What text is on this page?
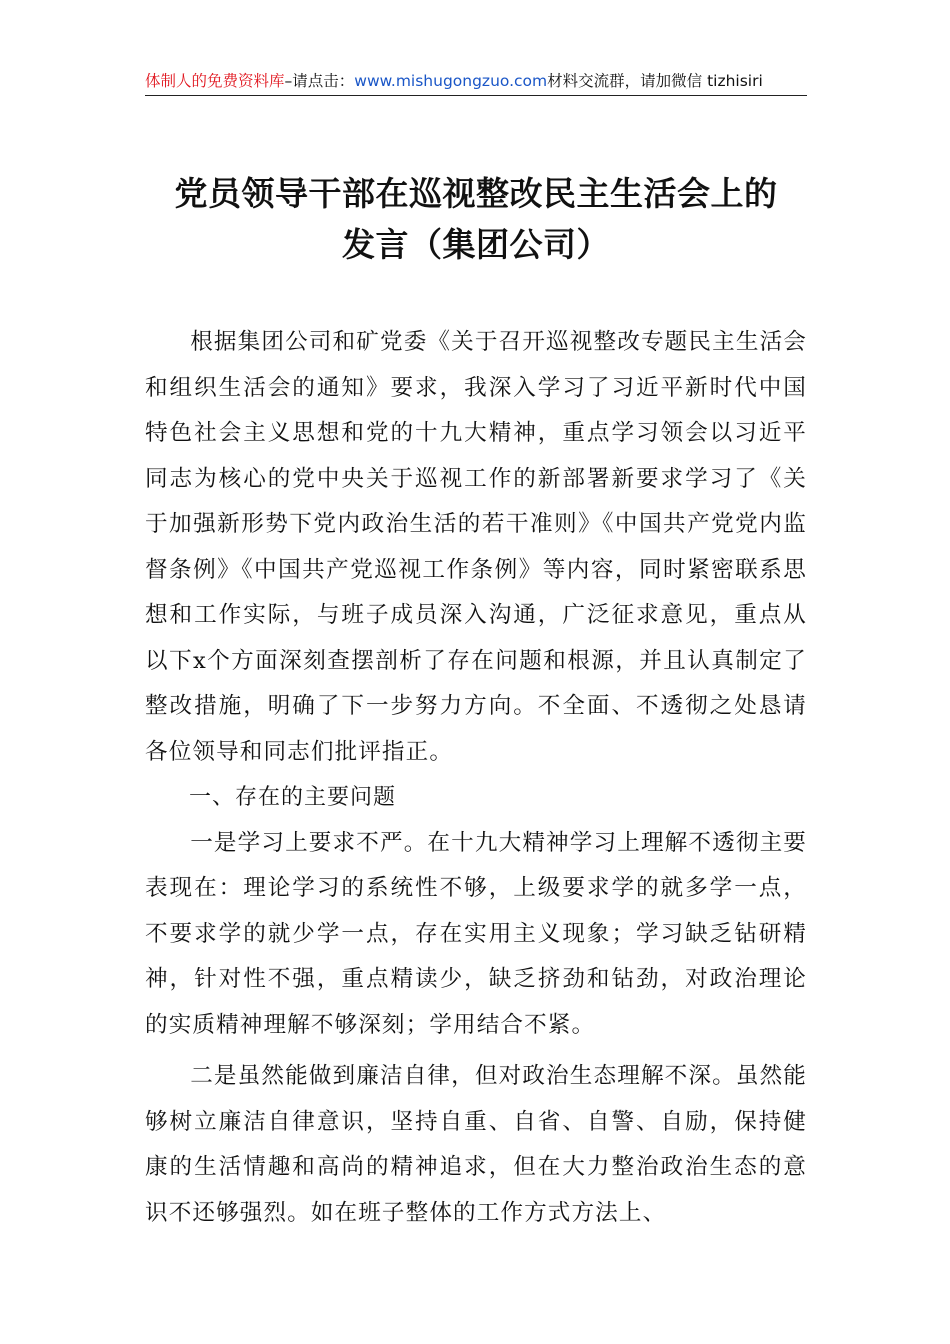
体制人的免费资料库–请点击：www.mishugongzuo.com材料交流群，请加微信 tizhisiri
党员领导干部在巡视整改民主生活会上的
发言（集团公司）

根据集团公司和矿党委《关于召开巡视整改专题民主生活会和组织生活会的通知》要求，我深入学习了习近平新时代中国特色社会主义思想和党的十九大精神，重点学习领会以习近平同志为核心的党中央关于巡视工作的新部署新要求学习了《关于加强新形势下党内政治生活的若干准则》《中国共产党党内监督条例》《中国共产党巡视工作条例》等内容，同时紧密联系思想和工作实际，与班子成员深入沟通，广泛征求意见，重点从以下x个方面深刻查摆剖析了存在问题和根源，并且认真制定了整改措施，明确了下一步努力方向。不全面、不透彻之处恳请各位领导和同志们批评指正。

一、存在的主要问题

一是学习上要求不严。在十九大精神学习上理解不透彻主要表现在：理论学习的系统性不够，上级要求学的就多学一点，不要求学的就少学一点，存在实用主义现象；学习缺乏钻研精神，针对性不强，重点精读少，缺乏挤劲和钻劲，对政治理论的实质精神理解不够深刻；学用结合不紧。

二是虽然能做到廉洁自律，但对政治生态理解不深。虽然能够树立廉洁自律意识，坚持自重、自省、自警、自励，保持健康的生活情趣和高尚的精神追求，但在大力整治政治生态的意识不还够强烈。如在班子整体的工作方式方法上、
